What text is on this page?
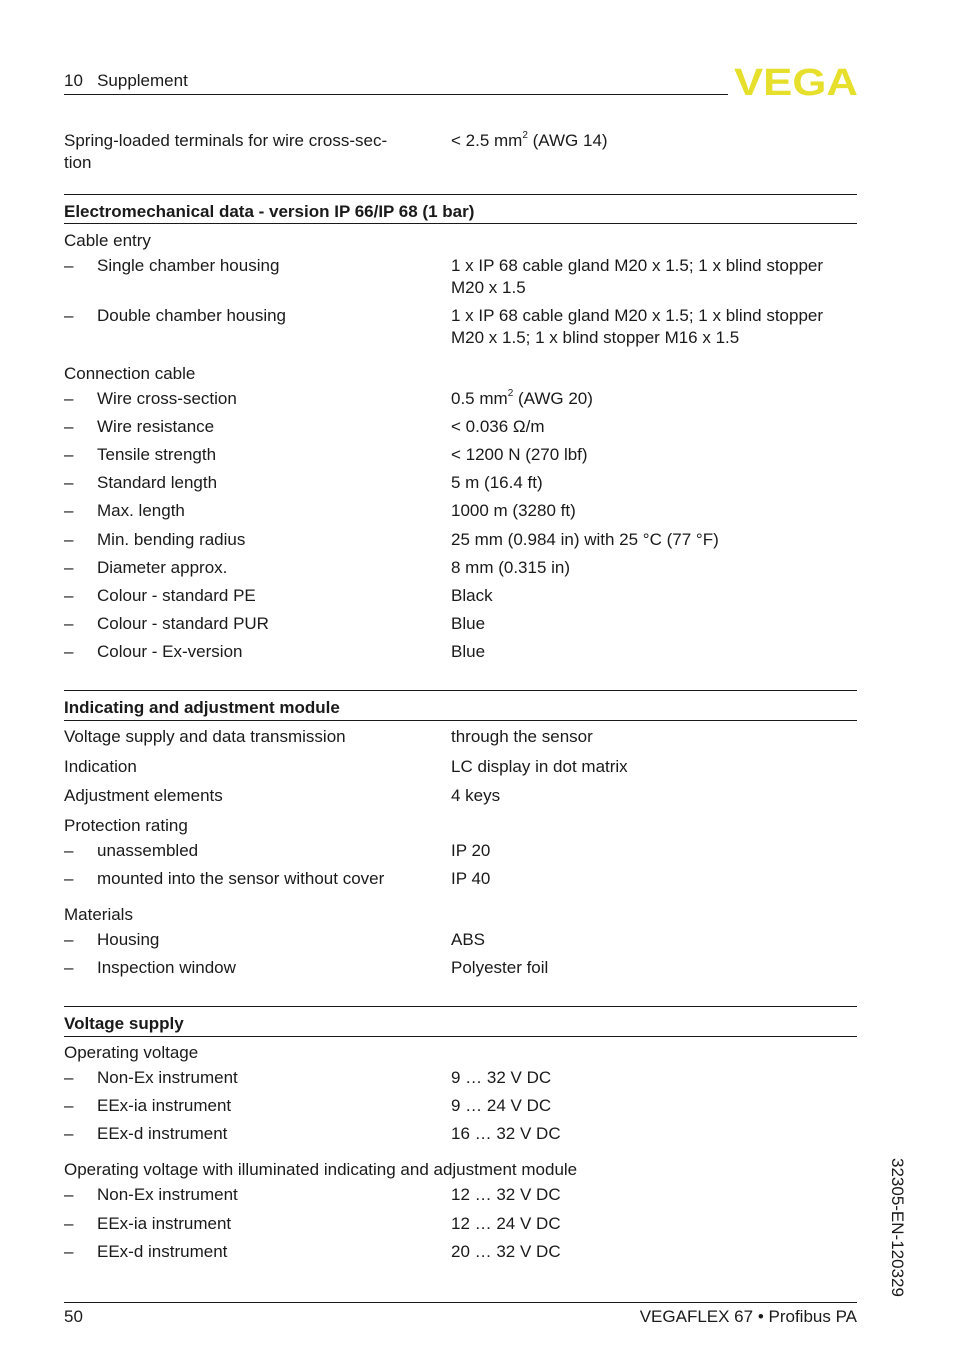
10   Supplement	VEGA
Spring-loaded terminals for wire cross-sec-	< 2.5 $mm^2$ (AWG 14)
tion
Electromechanical data - version IP 66/IP 68 (1 bar)
Cable entry
– Single chamber housing	1 x IP 68 cable gland M20 x 1.5; 1 x blind stopper
M20 x 1.5
– Double chamber housing	1 x IP 68 cable gland M20 x 1.5; 1 x blind stopper
M20 x 1.5; 1 x blind stopper M16 x 1.5
Connection cable
– Wire cross-section	0.5 $mm^2$ (AWG 20)
– Wire resistance	< 0.036 Ω/m
– Tensile strength	< 1200 N (270 lbf)
– Standard length	5 m (16.4 ft)
– Max. length	1000 m (3280 ft)
– Min. bending radius	25 mm (0.984 in) with 25 °C (77 °F)
– Diameter approx.	8 mm (0.315 in)
– Colour - standard PE	Black
– Colour - standard PUR	Blue
– Colour - Ex-version	Blue
Indicating and adjustment module
Voltage supply and data transmission	through the sensor
Indication	LC display in dot matrix
Adjustment elements	4 keys
Protection rating
– unassembled	IP 20
– mounted into the sensor without cover	IP 40
Materials
– Housing	ABS
– Inspection window	Polyester foil
Voltage supply
Operating voltage
– Non-Ex instrument	9 … 32 V DC
– EEx-ia instrument	9 … 24 V DC
– EEx-d instrument	16 … 32 V DC
Operating voltage with illuminated indicating and adjustment module
– Non-Ex instrument	12 … 32 V DC
– EEx-ia instrument	12 … 24 V DC
– EEx-d instrument	20 … 32 V DC	32305-EN-120329
50	VEGAFLEX 67 • Profibus PA
